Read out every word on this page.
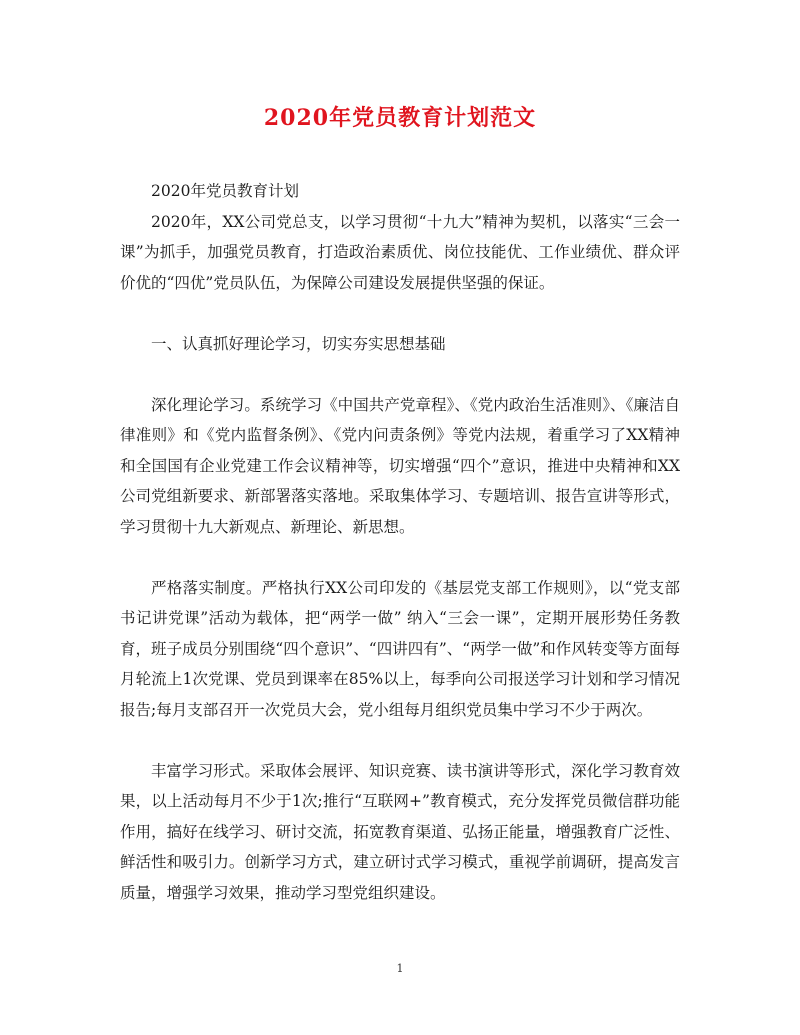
2020年党员教育计划范文

2020年党员教育计划

2020年，XX公司党总支，以学习贯彻“十九大”精神为契机，以落实“三会一课”为抓手，加强党员教育，打造政治素质优、岗位技能优、工作业绩优、群众评价优的“四优”党员队伍，为保障公司建设发展提供坚强的保证。

一、认真抓好理论学习，切实夯实思想基础

深化理论学习。系统学习《中国共产党章程》、《党内政治生活准则》、《廉洁自律准则》和《党内监督条例》、《党内问责条例》等党内法规，着重学习了XX精神和全国国有企业党建工作会议精神等，切实增强“四个”意识，推进中央精神和XX公司党组新要求、新部署落实落地。采取集体学习、专题培训、报告宣讲等形式，学习贯彻十九大新观点、新理论、新思想。

严格落实制度。严格执行XX公司印发的《基层党支部工作规则》，以“党支部书记讲党课”活动为载体，把“两学一做” 纳入“三会一课”，定期开展形势任务教育，班子成员分别围绕“四个意识”、“四讲四有”、“两学一做”和作风转变等方面每月轮流上1次党课、党员到课率在85%以上，每季向公司报送学习计划和学习情况报告;每月支部召开一次党员大会，党小组每月组织党员集中学习不少于两次。

丰富学习形式。采取体会展评、知识竞赛、读书演讲等形式，深化学习教育效果，以上活动每月不少于1次;推行“互联网+”教育模式，充分发挥党员微信群功能作用，搞好在线学习、研讨交流，拓宽教育渠道、弘扬正能量，增强教育广泛性、鲜活性和吸引力。创新学习方式，建立研讨式学习模式，重视学前调研，提高发言质量，增强学习效果，推动学习型党组织建设。

1
